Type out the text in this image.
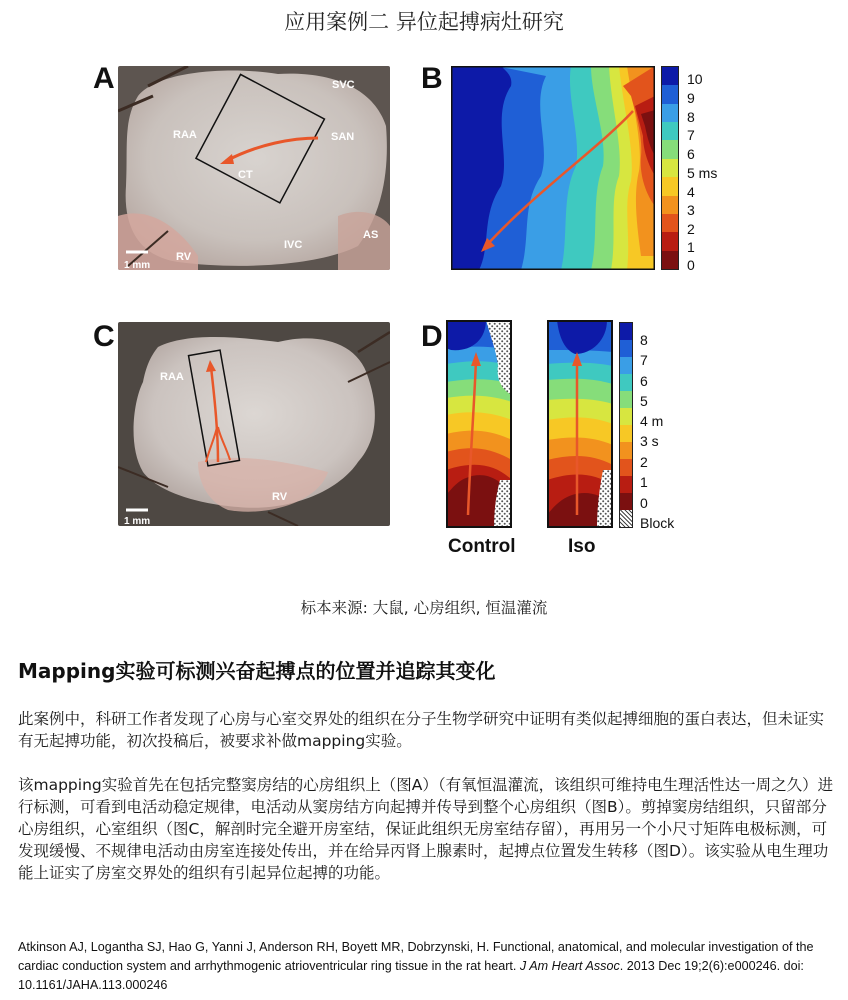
应用案例二 异位起搏病灶研究
A	SVC
RAA	SAN
CT
IVC
AS
RV
1 mm
B	10
9
8
7
6
5 ms
4
3
2
1
0
C
RAA
RV
1 mm
D	8
7
6
5
4 m
3 s
2
1
0
Block
Control	Iso
标本来源: 大鼠, 心房组织, 恒温灌流
Mapping实验可标测兴奋起搏点的位置并追踪其变化
此案例中，科研工作者发现了心房与心室交界处的组织在分子生物学研究中证明有类似起搏细胞的蛋白表达，但未证实有无起搏功能，初次投稿后，被要求补做mapping实验。
该mapping实验首先在包括完整窦房结的心房组织上（图A）（有氧恒温灌流，该组织可维持电生理活性达一周之久）进行标测，可看到电活动稳定规律，电活动从窦房结方向起搏并传导到整个心房组织（图B）。剪掉窦房结组织，只留部分心房组织，心室组织（图C，解剖时完全避开房室结，保证此组织无房室结存留），再用另一个小尺寸矩阵电极标测，可发现缓慢、不规律电活动由房室连接处传出，并在给异丙肾上腺素时，起搏点位置发生转移（图D）。该实验从电生理功能上证实了房室交界处的组织有引起异位起搏的功能。
Atkinson AJ, Logantha SJ, Hao G, Yanni J, Anderson RH, Boyett MR, Dobrzynski, H. Functional, anatomical, and molecular investigation of the cardiac conduction system and arrhythmogenic atrioventricular ring tissue in the rat heart. J Am Heart Assoc. 2013 Dec 19;2(6):e000246. doi: 10.1161/JAHA.113.000246
